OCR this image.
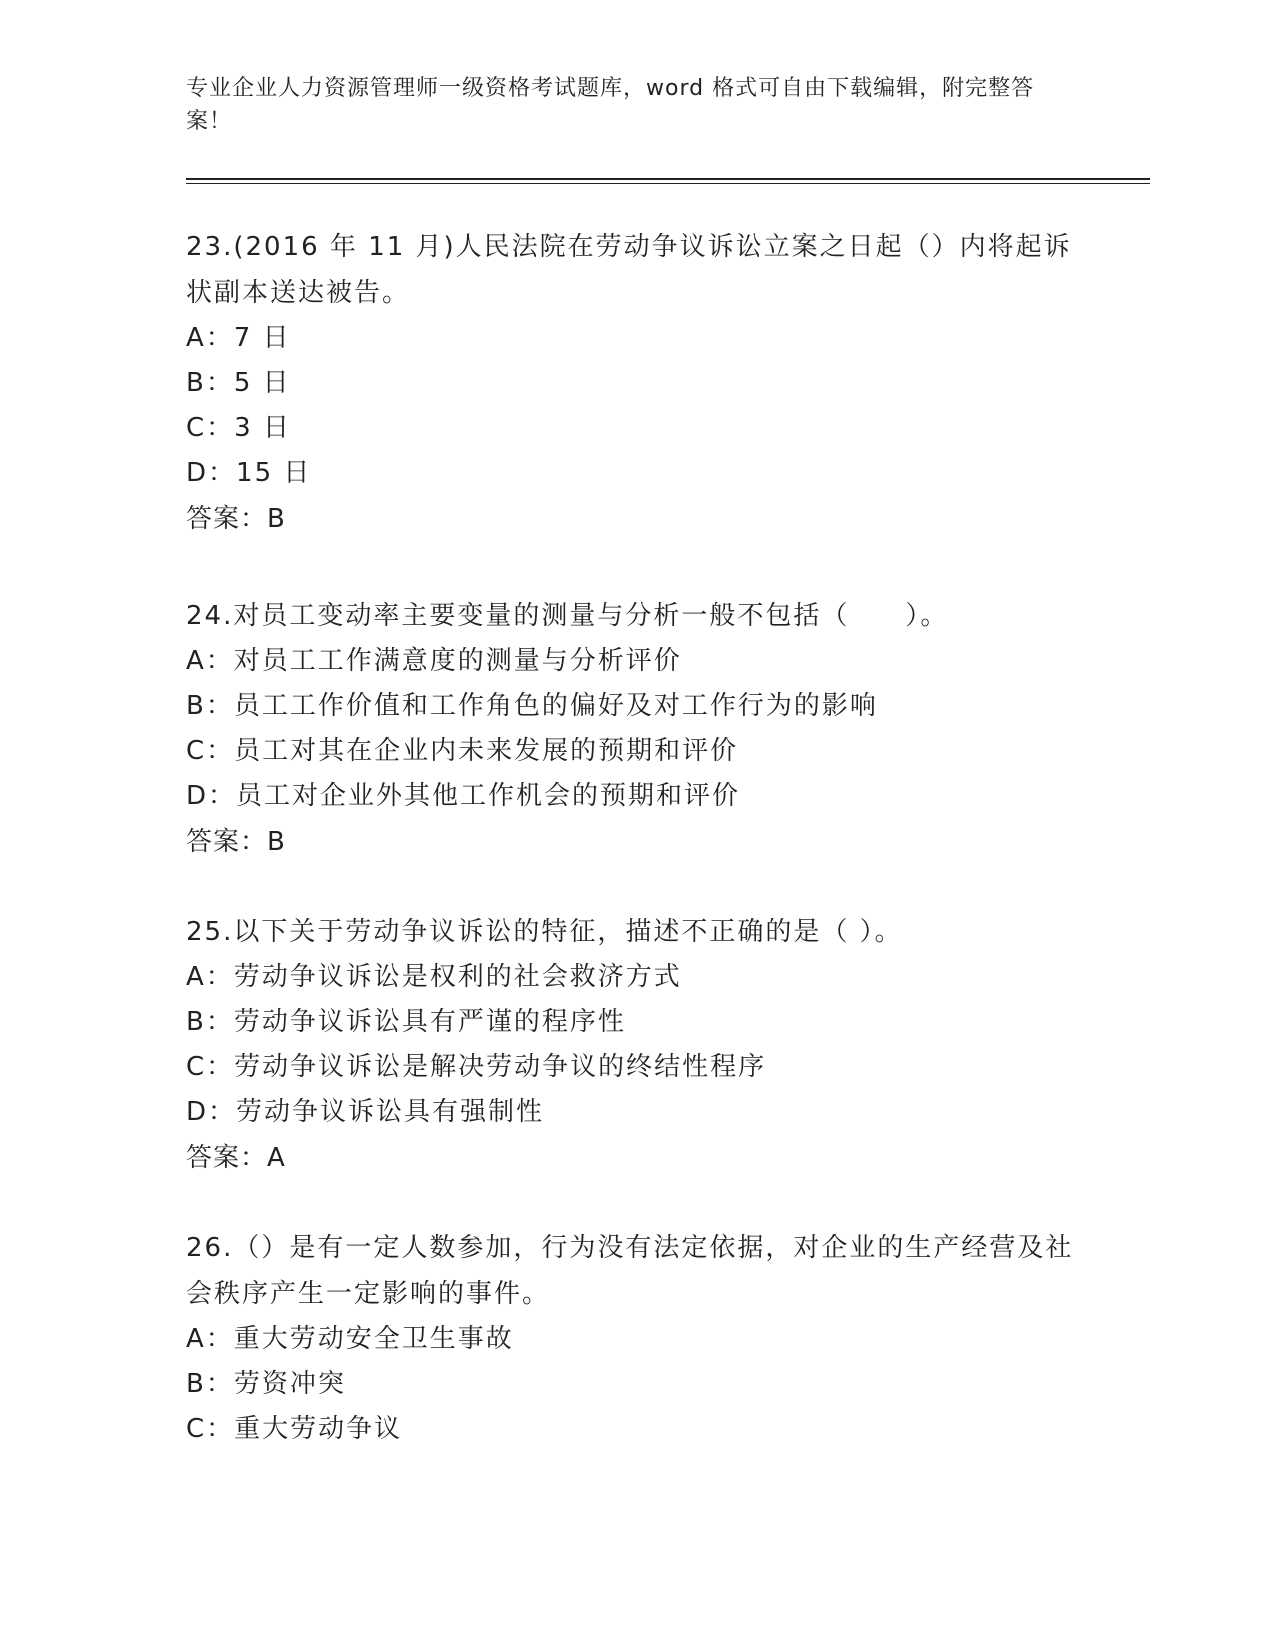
专业企业人力资源管理师一级资格考试题库，word 格式可自由下载编辑，附完整答案！

23.(2016 年 11 月)人民法院在劳动争议诉讼立案之日起（）内将起诉状副本送达被告。

A：7 日

B：5 日

C：3 日

D：15 日

答案：B

24.对员工变动率主要变量的测量与分析一般不包括（　　）。

A：对员工工作满意度的测量与分析评价

B：员工工作价值和工作角色的偏好及对工作行为的影响

C：员工对其在企业内未来发展的预期和评价

D：员工对企业外其他工作机会的预期和评价

答案：B

25.以下关于劳动争议诉讼的特征，描述不正确的是（ ）。

A：劳动争议诉讼是权利的社会救济方式

B：劳动争议诉讼具有严谨的程序性

C：劳动争议诉讼是解决劳动争议的终结性程序

D：劳动争议诉讼具有强制性

答案：A

26.（）是有一定人数参加，行为没有法定依据，对企业的生产经营及社会秩序产生一定影响的事件。

A：重大劳动安全卫生事故

B：劳资冲突

C：重大劳动争议
